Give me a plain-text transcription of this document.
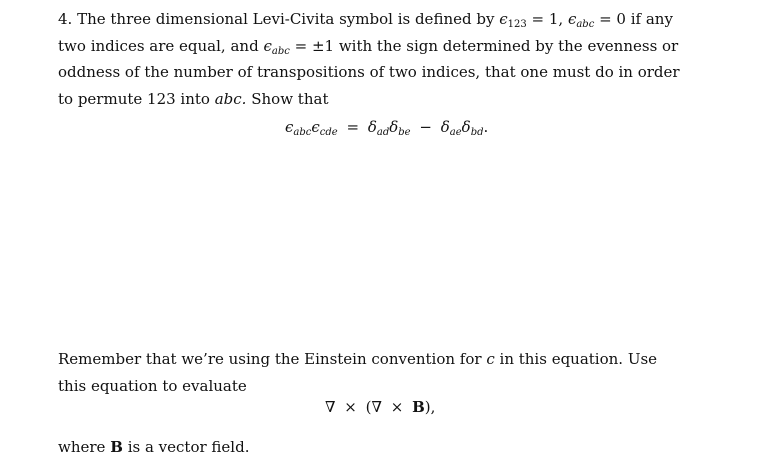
4. The three dimensional Levi-Civita symbol is defined by $\epsilon_{123} = 1$, $\epsilon_{abc} = 0$ if any two indices are equal, and $\epsilon_{abc} = \pm 1$ with the sign determined by the evenness or oddness of the number of transpositions of two indices, that one must do in order to permute 123 into abc. Show that
$\epsilon_{abc}\epsilon_{cde} = \delta_{ad}\delta_{be} - \delta_{ae}\delta_{bd}$.
Remember that we’re using the Einstein convention for c in this equation. Use this equation to evaluate
∇ × (∇ × B),
where B is a vector field.
